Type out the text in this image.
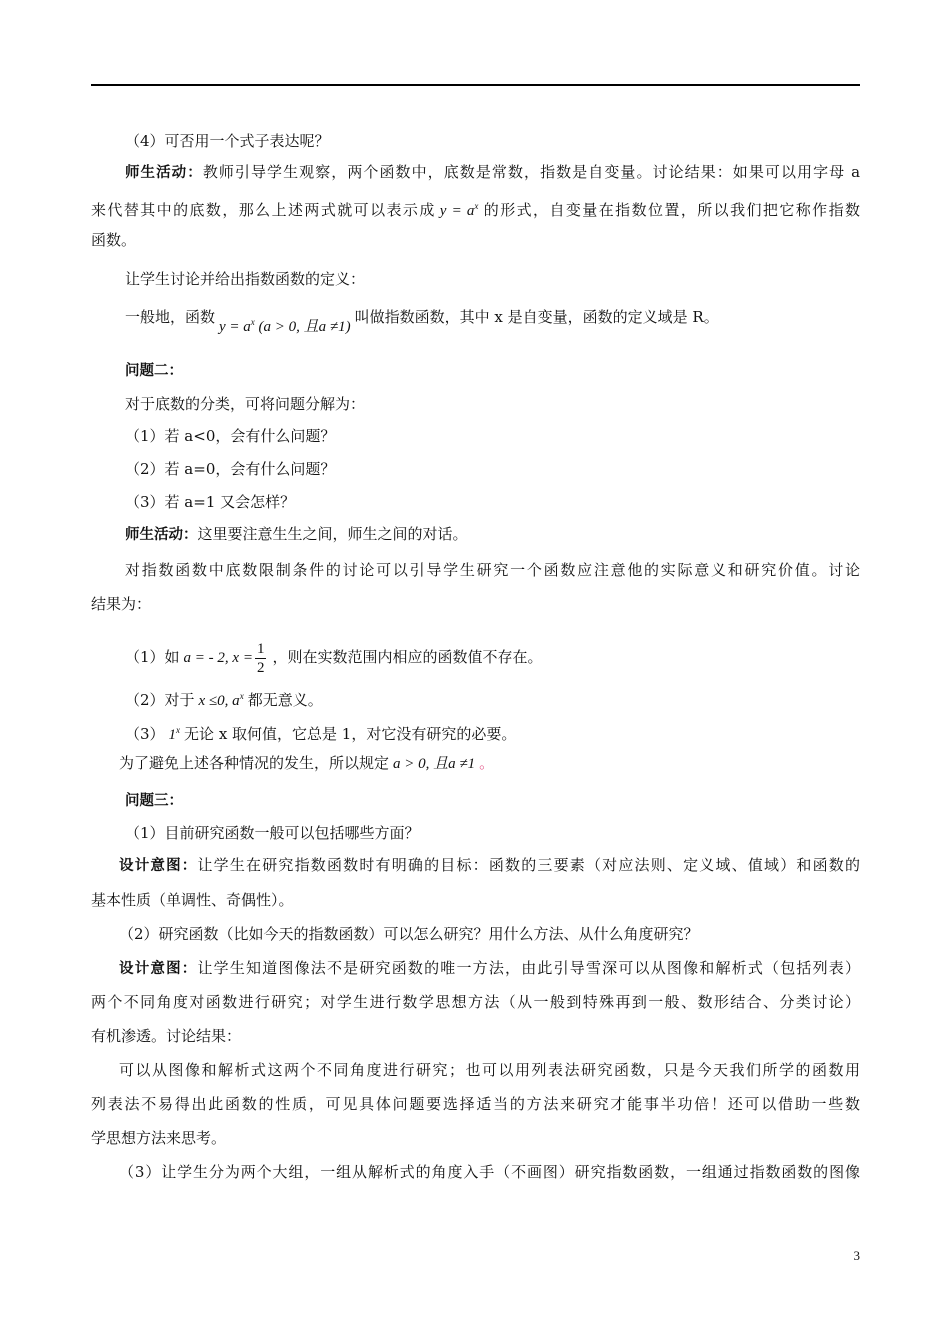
（4）可否用一个式子表达呢？
师生活动：教师引导学生观察，两个函数中，底数是常数，指数是自变量。讨论结果：如果可以用字母 a
来代替其中的底数，那么上述两式就可以表示成 $y = a^x$ 的形式，自变量在指数位置，所以我们把它称作指数
函数。
让学生讨论并给出指数函数的定义：
一般地，函数$y = a^x$ (a > 0, 且a ≠1)叫做指数函数，其中 x 是自变量，函数的定义域是 R。
问题二：
对于底数的分类，可将问题分解为：
（1）若 a<0，会有什么问题？
（2）若 a=0，会有什么问题？
（3）若 a=1 又会怎样？
师生活动：这里要注意生生之间，师生之间的对话。
对指数函数中底数限制条件的讨论可以引导学生研究一个函数应注意他的实际意义和研究价值。讨论
结果为：
（1）如 a = - 2, $x = \frac{1}{2}$ ，则在实数范围内相应的函数值不存在。
（2）对于 x ≤0, $a^x$ 都无意义。
（3） 1$^x$ 无论 x 取何值，它总是 1，对它没有研究的必要。
为了避免上述各种情况的发生，所以规定 a > 0, 且a ≠1 。
问题三：
（1）目前研究函数一般可以包括哪些方面？
设计意图：让学生在研究指数函数时有明确的目标：函数的三要素（对应法则、定义域、值域）和函数的
基本性质（单调性、奇偶性）。
（2）研究函数（比如今天的指数函数）可以怎么研究？用什么方法、从什么角度研究？
设计意图：让学生知道图像法不是研究函数的唯一方法，由此引导雪深可以从图像和解析式（包括列表）
两个不同角度对函数进行研究；对学生进行数学思想方法（从一般到特殊再到一般、数形结合、分类讨论）
有机渗透。讨论结果：
可以从图像和解析式这两个不同角度进行研究；也可以用列表法研究函数，只是今天我们所学的函数用
列表法不易得出此函数的性质，可见具体问题要选择适当的方法来研究才能事半功倍！还可以借助一些数
学思想方法来思考。
（3）让学生分为两个大组，一组从解析式的角度入手（不画图）研究指数函数，一组通过指数函数的图像
3
